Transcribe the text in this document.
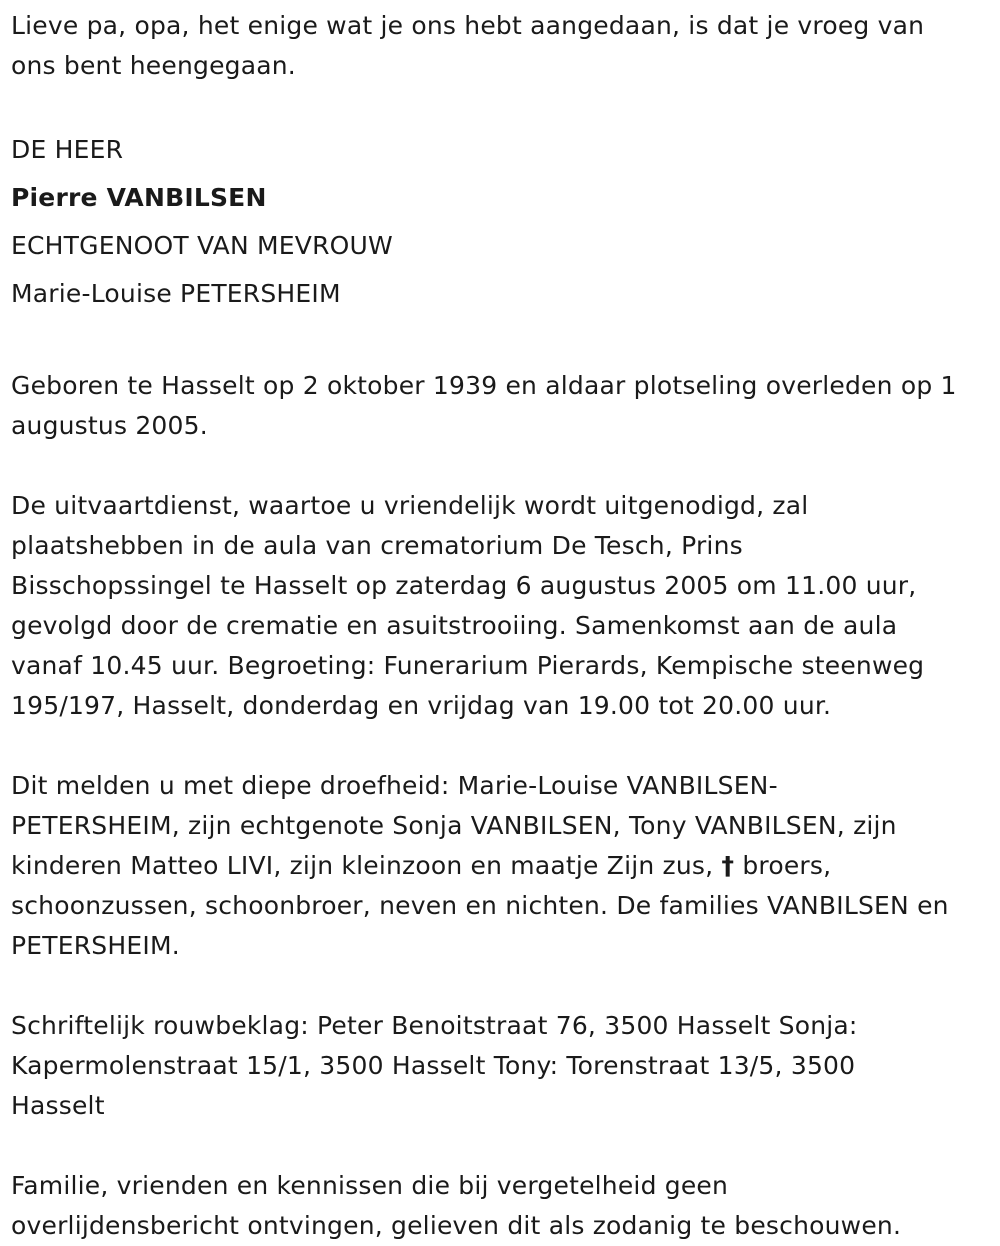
Lieve pa, opa, het enige wat je ons hebt aangedaan, is dat je vroeg van

ons bent heengegaan.

DE HEER

Pierre VANBILSEN

ECHTGENOOT VAN MEVROUW

Marie-Louise PETERSHEIM

Geboren te Hasselt op 2 oktober 1939 en aldaar plotseling overleden op 1

augustus 2005.

De uitvaartdienst, waartoe u vriendelijk wordt uitgenodigd, zal

plaatshebben in de aula van crematorium De Tesch, Prins

Bisschopssingel te Hasselt op zaterdag 6 augustus 2005 om 11.00 uur,

gevolgd door de crematie en asuitstrooiing. Samenkomst aan de aula

vanaf 10.45 uur. Begroeting: Funerarium Pierards, Kempische steenweg

195/197, Hasselt, donderdag en vrijdag van 19.00 tot 20.00 uur.

Dit melden u met diepe droefheid: Marie-Louise VANBILSEN-

PETERSHEIM, zijn echtgenote Sonja VANBILSEN, Tony VANBILSEN, zijn

kinderen Matteo LIVI, zijn kleinzoon en maatje Zijn zus, † broers,

schoonzussen, schoonbroer, neven en nichten. De families VANBILSEN en

PETERSHEIM.

Schriftelijk rouwbeklag: Peter Benoitstraat 76, 3500 Hasselt Sonja:

Kapermolenstraat 15/1, 3500 Hasselt Tony: Torenstraat 13/5, 3500

Hasselt

Familie, vrienden en kennissen die bij vergetelheid geen

overlijdensbericht ontvingen, gelieven dit als zodanig te beschouwen.
